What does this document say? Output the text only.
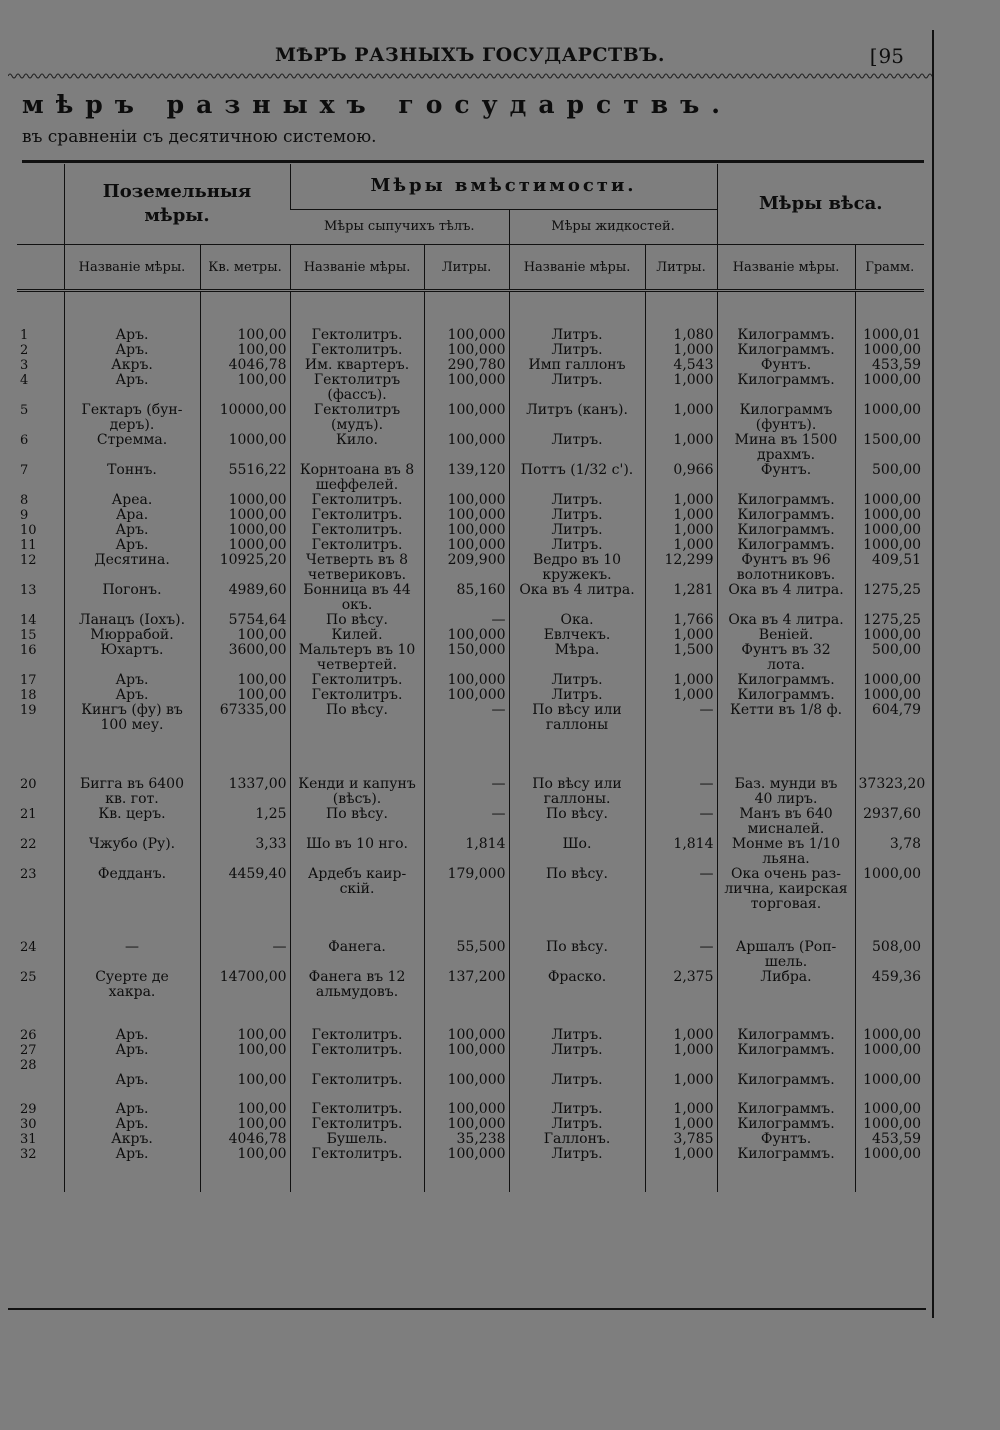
МѢРЪ РАЗНЫХЪ ГОСУДАРСТВЪ.	[ 95
мѣръ разныхъ государствъ.
въ сравненіи съ десятичною системою.
	Поземельныя мѣры.		Мѣры вмѣстимости.				Мѣры вѣса.	
			Мѣры сыпучихъ тѣлъ.		Мѣры жидкостей.			
	Названіе мѣры.	Кв. метры.	Названіе мѣры.	Литры.	Названіе мѣры.	Литры.	Названіе мѣры.	Грамм.

1	Аръ.	100,00	Гектолитръ.	100,000	Литръ.	1,080	Килограммъ.	1000,01
2	Аръ.	100,00	Гектолитръ.	100,000	Литръ.	1,000	Килограммъ.	1000,00
3	Акръ.	4046,78	Им. квартеръ.	290,780	Имп галлонъ	4,543	Фунтъ.	453,59
4	Аръ.	100,00	Гектолитръ
(фассъ).	100,000	Литръ.	1,000	Килограммъ.	1000,00
5	Гектаръ (бун-
деръ).	10000,00	Гектолитръ
(мудъ).	100,000	Литръ (канъ).	1,000	Килограммъ
(фунтъ).	1000,00
6	Стремма.	1000,00	Кило.	100,000	Литръ.	1,000	Мина въ 1500
драхмъ.	1500,00
7	Тоннъ.	5516,22	Корнтоана въ 8
шеффелей.	139,120	Поттъ (1/32 с').	0,966	Фунтъ.	500,00
8	Ареа.	1000,00	Гектолитръ.	100,000	Литръ.	1,000	Килограммъ.	1000,00
9	Ара.	1000,00	Гектолитръ.	100,000	Литръ.	1,000	Килограммъ.	1000,00
10	Аръ.	1000,00	Гектолитръ.	100,000	Литръ.	1,000	Килограммъ.	1000,00
11	Аръ.	1000,00	Гектолитръ.	100,000	Литръ.	1,000	Килограммъ.	1000,00
12	Десятина.	10925,20	Четверть въ 8
четвериковъ.	209,900	Ведро въ 10
кружекъ.	12,299	Фунтъ въ 96
волотниковъ.	409,51
13	Погонъ.	4989,60	Бонница въ 44
окъ.	85,160	Ока въ 4 литра.	1,281	Ока въ 4 литра.	1275,25
14	Ланацъ (Іохъ).	5754,64	По вѣсу.	—	Ока.	1,766	Ока въ 4 литра.	1275,25
15	Мюррабой.	100,00	Килей.	100,000	Евлчекъ.	1,000	Веніей.	1000,00
16	Юхартъ.	3600,00	Мальтеръ въ 10
четвертей.	150,000	Мѣра.	1,500	Фунтъ въ 32
лота.	500,00
17	Аръ.	100,00	Гектолитръ.	100,000	Литръ.	1,000	Килограммъ.	1000,00
18	Аръ.	100,00	Гектолитръ.	100,000	Литръ.	1,000	Килограммъ.	1000,00
19	Кингъ (фу) въ
100 меу.	67335,00	По вѣсу.	—	По вѣсу или
галлоны	—	Кетти въ 1/8 ф.	604,79

20	Бигга въ 6400
кв. гот.	1337,00	Кенди и капунъ
(вѣсъ).	—	По вѣсу или
галлоны.	—	Баз. мунди въ
40 лиръ.	37323,20
21	Кв. церъ.	1,25	По вѣсу.	—	По вѣсу.	—	Манъ въ 640
мисналей.	2937,60
22	Чжубо (Ру).	3,33	Шо въ 10 нго.	1,814	Шо.	1,814	Монме въ 1/10
льяна.	3,78
23	Федданъ.	4459,40	Ардебъ каир-
скій.	179,000	По вѣсу.	—	Ока очень раз-
лична, каирская
торговая.	1000,00

24	—	—	Фанега.	55,500	По вѣсу.	—	Аршалъ (Роп-
шель.	508,00
25	Суерте де
хакра.	14700,00	Фанега въ 12
альмудовъ.	137,200	Фраско.	2,375	Либра.	459,36

26	Аръ.	100,00	Гектолитръ.	100,000	Литръ.	1,000	Килограммъ.	1000,00
27	Аръ.	100,00	Гектолитръ.	100,000	Литръ.	1,000	Килограммъ.	1000,00
28								
	Аръ.	100,00	Гектолитръ.	100,000	Литръ.	1,000	Килограммъ.	1000,00

29	Аръ.	100,00	Гектолитръ.	100,000	Литръ.	1,000	Килограммъ.	1000,00
30	Аръ.	100,00	Гектолитръ.	100,000	Литръ.	1,000	Килограммъ.	1000,00
31	Акръ.	4046,78	Бушель.	35,238	Галлонъ.	3,785	Фунтъ.	453,59
32	Аръ.	100,00	Гектолитръ.	100,000	Литръ.	1,000	Килограммъ.	1000,00
